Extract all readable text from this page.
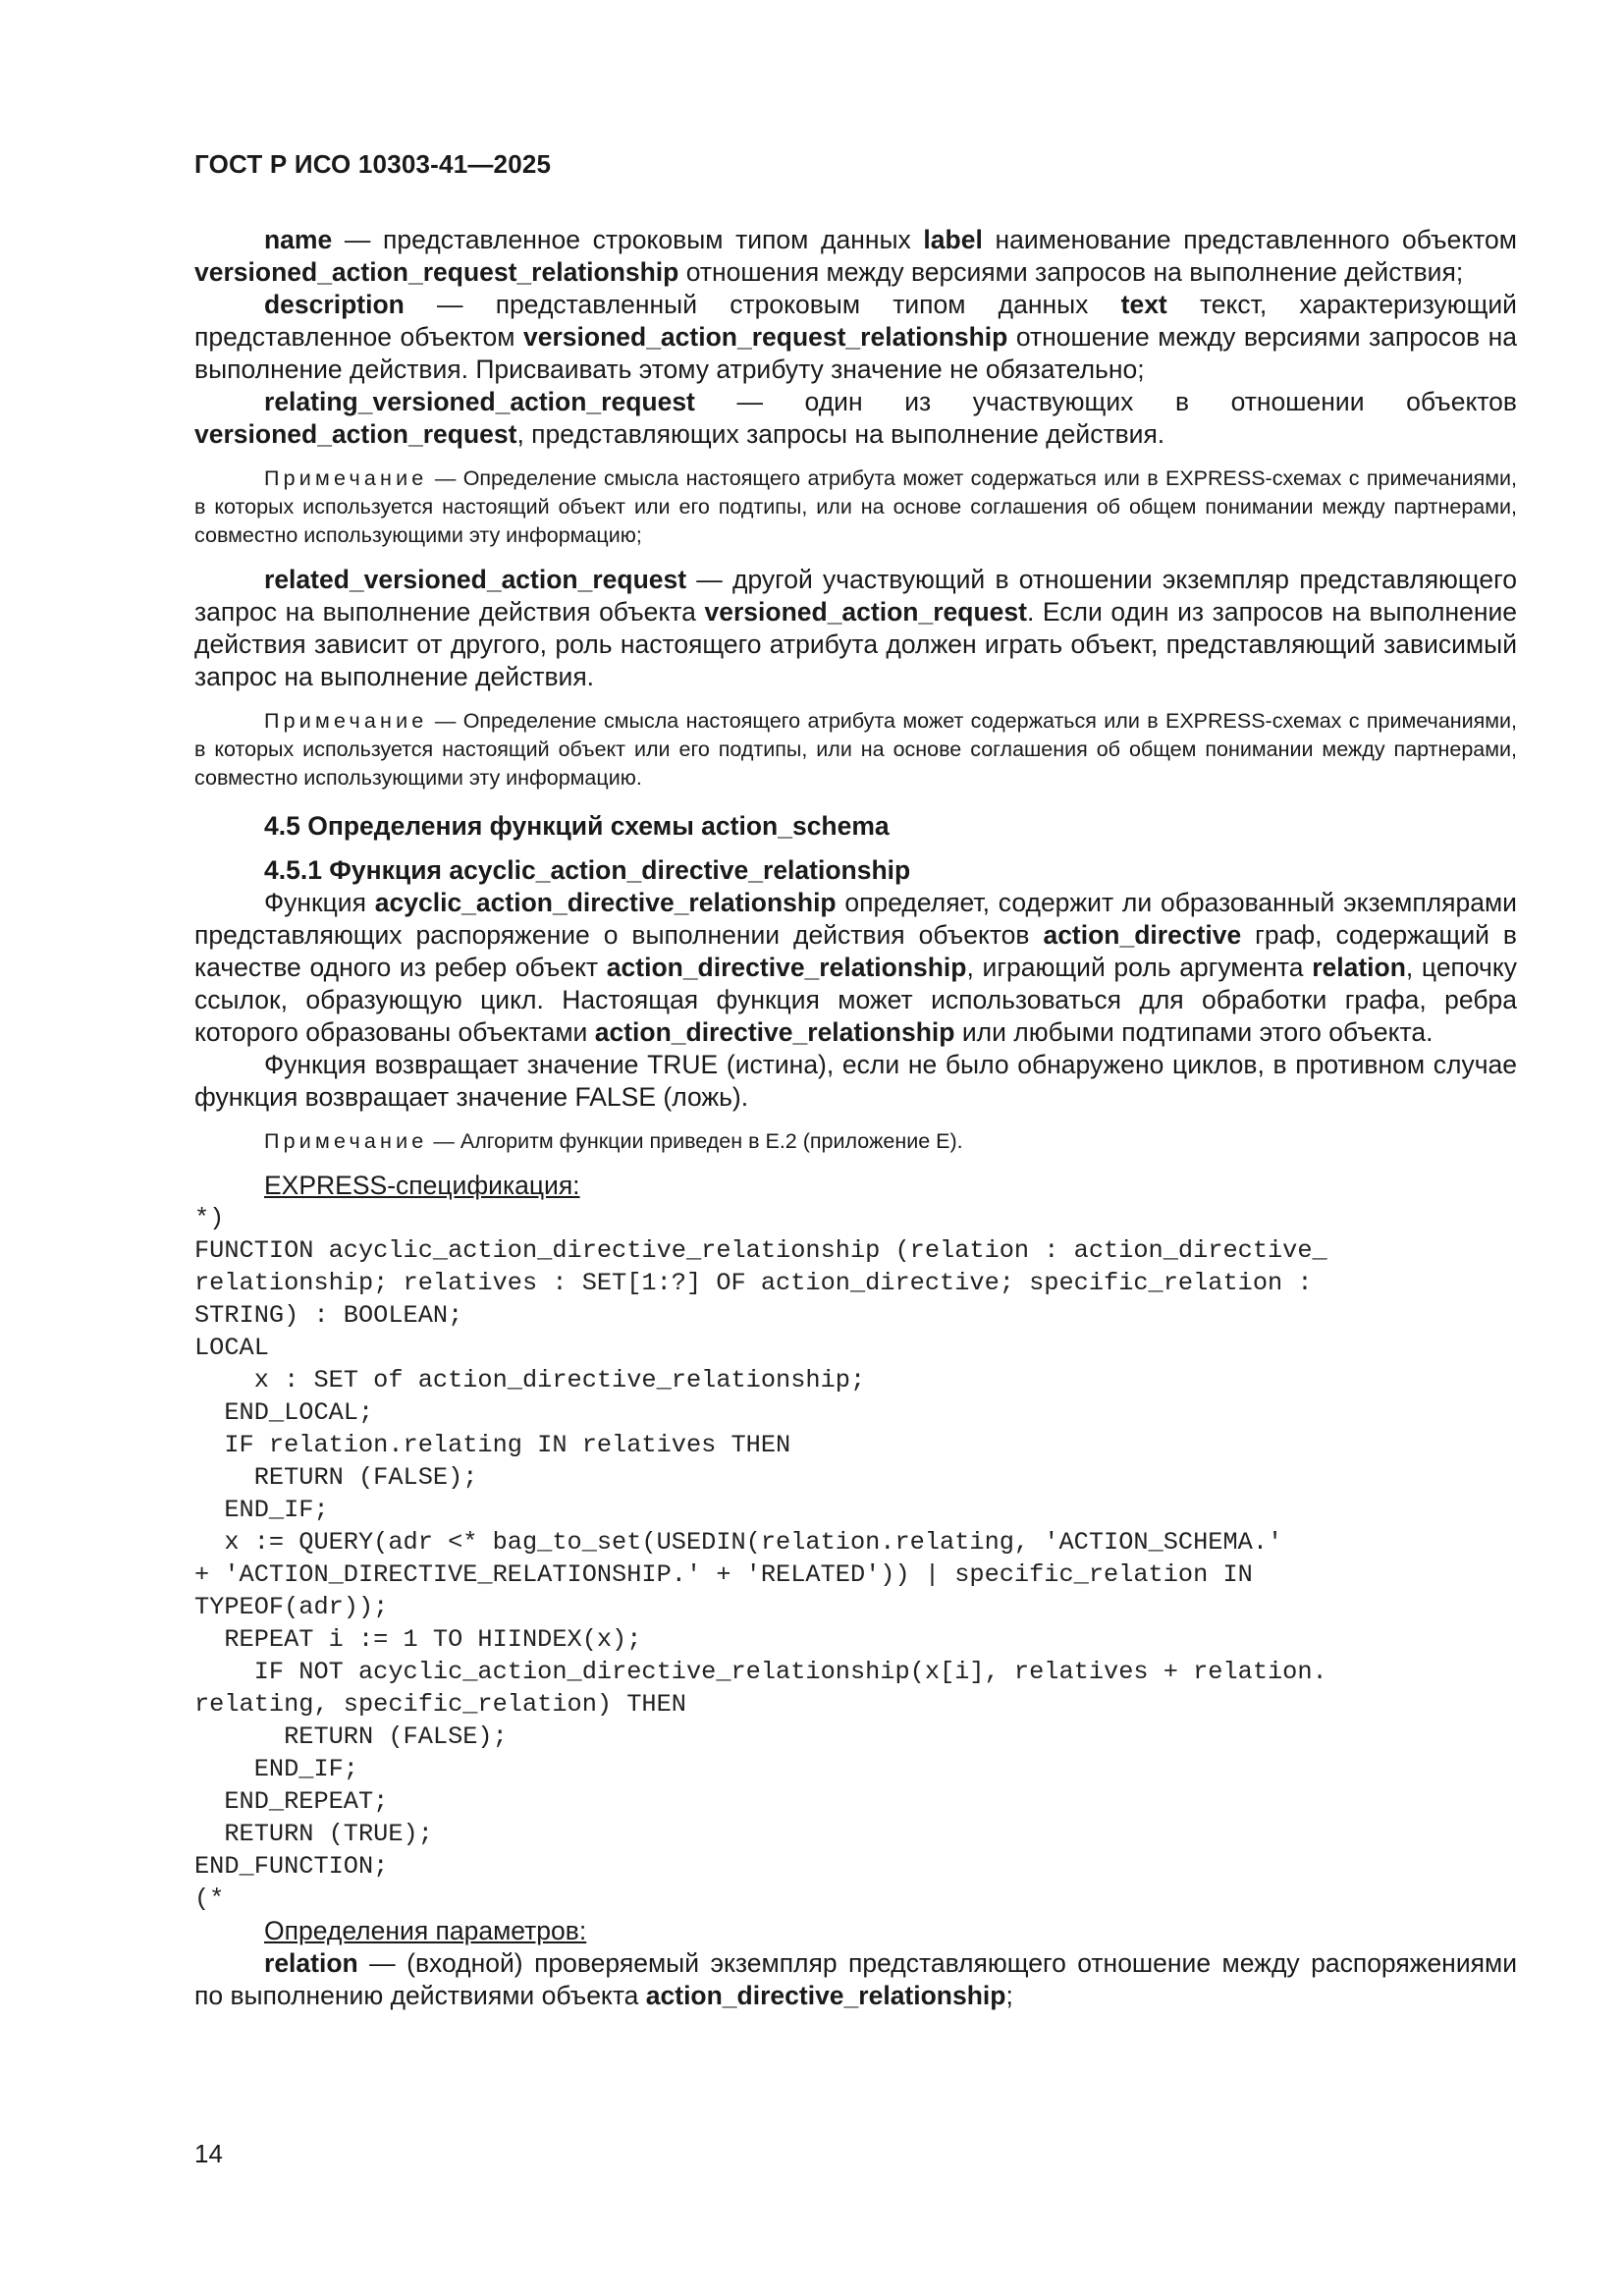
ГОСТ Р ИСО 10303-41—2025

name — представленное строковым типом данных label наименование представленного объектом versioned_action_request_relationship отношения между версиями запросов на выполнение действия;

description — представленный строковым типом данных text текст, характеризующий представленное объектом versioned_action_request_relationship отношение между версиями запросов на выполнение действия. Присваивать этому атрибуту значение не обязательно;

relating_versioned_action_request — один из участвующих в отношении объектов versioned_action_request, представляющих запросы на выполнение действия.

Примечание — Определение смысла настоящего атрибута может содержаться или в EXPRESS-схемах с примечаниями, в которых используется настоящий объект или его подтипы, или на основе соглашения об общем понимании между партнерами, совместно использующими эту информацию;

related_versioned_action_request — другой участвующий в отношении экземпляр представляющего запрос на выполнение действия объекта versioned_action_request. Если один из запросов на выполнение действия зависит от другого, роль настоящего атрибута должен играть объект, представляющий зависимый запрос на выполнение действия.

Примечание — Определение смысла настоящего атрибута может содержаться или в EXPRESS-схемах с примечаниями, в которых используется настоящий объект или его подтипы, или на основе соглашения об общем понимании между партнерами, совместно использующими эту информацию.

4.5 Определения функций схемы action_schema

4.5.1 Функция acyclic_action_directive_relationship

Функция acyclic_action_directive_relationship определяет, содержит ли образованный экземплярами представляющих распоряжение о выполнении действия объектов action_directive граф, содержащий в качестве одного из ребер объект action_directive_relationship, играющий роль аргумента relation, цепочку ссылок, образующую цикл. Настоящая функция может использоваться для обработки графа, ребра которого образованы объектами action_directive_relationship или любыми подтипами этого объекта.

Функция возвращает значение TRUE (истина), если не было обнаружено циклов, в противном случае функция возвращает значение FALSE (ложь).

Примечание — Алгоритм функции приведен в Е.2 (приложение Е).

EXPRESS-спецификация:

*)
FUNCTION acyclic_action_directive_relationship (relation : action_directive_
relationship; relatives : SET[1:?] OF action_directive; specific_relation :
STRING) : BOOLEAN;
LOCAL
x : SET of action_directive_relationship;
END_LOCAL;
IF relation.relating IN relatives THEN
RETURN (FALSE);
END_IF;
x := QUERY(adr <* bag_to_set(USEDIN(relation.relating, 'ACTION_SCHEMA.'
+ 'ACTION_DIRECTIVE_RELATIONSHIP.' + 'RELATED')) | specific_relation IN
TYPEOF(adr));
REPEAT i := 1 TO HIINDEX(x);
IF NOT acyclic_action_directive_relationship(x[i], relatives + relation.
relating, specific_relation) THEN
RETURN (FALSE);
END_IF;
END_REPEAT;
RETURN (TRUE);
END_FUNCTION;
(*

Определения параметров:

relation — (входной) проверяемый экземпляр представляющего отношение между распоряжениями по выполнению действиями объекта action_directive_relationship;

14
